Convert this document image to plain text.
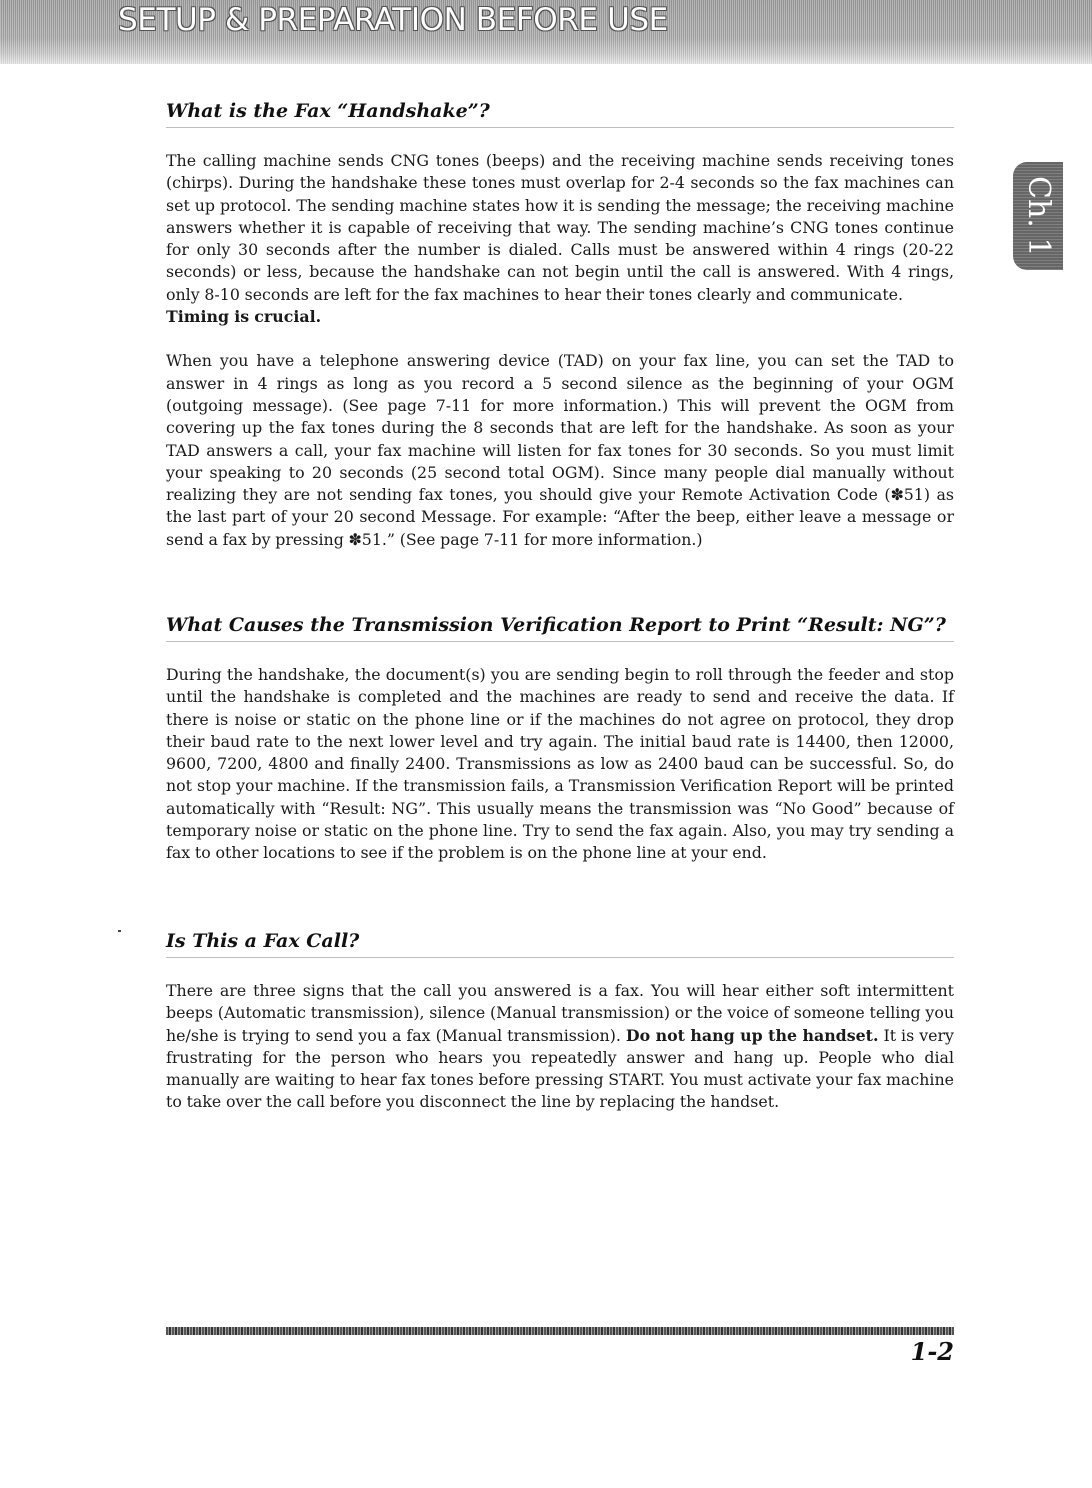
SETUP & PREPARATION BEFORE USE
Ch. 1
What is the Fax “Handshake”?

The calling machine sends CNG tones (beeps) and the receiving machine sends receiving tones (chirps). During the handshake these tones must overlap for 2-4 seconds so the fax machines can set up protocol. The sending machine states how it is sending the message; the receiving machine answers whether it is capable of receiving that way. The sending machine’s CNG tones continue for only 30 seconds after the number is dialed. Calls must be answered within 4 rings (20-22 seconds) or less, because the handshake can not begin until the call is answered. With 4 rings, only 8-10 seconds are left for the fax machines to hear their tones clearly and communicate.
Timing is crucial.

When you have a telephone answering device (TAD) on your fax line, you can set the TAD to answer in 4 rings as long as you record a 5 second silence as the beginning of your OGM (outgoing message). (See page 7-11 for more information.) This will prevent the OGM from covering up the fax tones during the 8 seconds that are left for the handshake. As soon as your TAD answers a call, your fax machine will listen for fax tones for 30 seconds. So you must limit your speaking to 20 seconds (25 second total OGM). Since many people dial manually without realizing they are not sending fax tones, you should give your Remote Activation Code (✽51) as the last part of your 20 second Message. For example: “After the beep, either leave a message or send a fax by pressing ✽51.” (See page 7-11 for more information.)

What Causes the Transmission Verification Report to Print “Result: NG”?

During the handshake, the document(s) you are sending begin to roll through the feeder and stop until the handshake is completed and the machines are ready to send and receive the data. If there is noise or static on the phone line or if the machines do not agree on protocol, they drop their baud rate to the next lower level and try again. The initial baud rate is 14400, then 12000, 9600, 7200, 4800 and finally 2400. Transmissions as low as 2400 baud can be successful. So, do not stop your machine. If the transmission fails, a Transmission Verification Report will be printed automatically with “Result: NG”. This usually means the transmission was “No Good” because of temporary noise or static on the phone line. Try to send the fax again. Also, you may try sending a fax to other locations to see if the problem is on the phone line at your end.

Is This a Fax Call?

There are three signs that the call you answered is a fax. You will hear either soft intermittent beeps (Automatic transmission), silence (Manual transmission) or the voice of someone telling you he/she is trying to send you a fax (Manual transmission). Do not hang up the handset. It is very frustrating for the person who hears you repeatedly answer and hang up. People who dial manually are waiting to hear fax tones before pressing START. You must activate your fax machine to take over the call before you disconnect the line by replacing the handset.

1-2
